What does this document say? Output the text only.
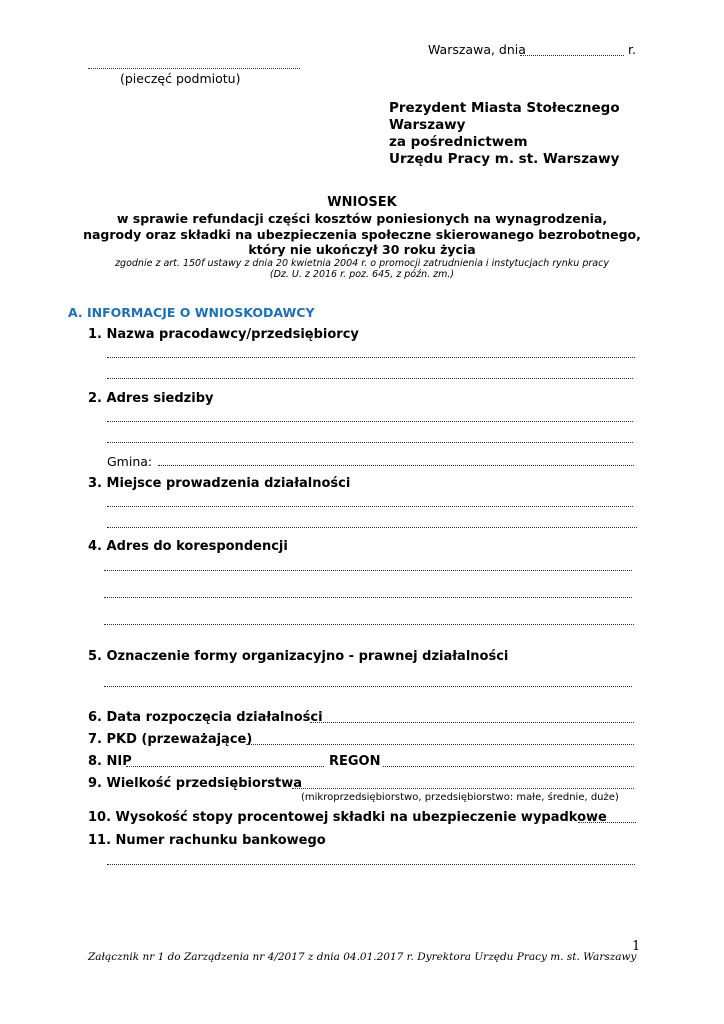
Warszawa, dnia	r.
(pieczęć podmiotu)
Prezydent Miasta Stołecznego
Warszawy
za pośrednictwem
Urzędu Pracy m. st. Warszawy
WNIOSEK
w sprawie refundacji części kosztów poniesionych na wynagrodzenia,
nagrody oraz składki na ubezpieczenia społeczne skierowanego bezrobotnego,
który nie ukończył 30 roku życia
zgodnie z art. 150f ustawy z dnia 20 kwietnia 2004 r. o promocji zatrudnienia i instytucjach rynku pracy
(Dz. U. z 2016 r. poz. 645, z późn. zm.)
A. INFORMACJE O WNIOSKODAWCY
1. Nazwa pracodawcy/przedsiębiorcy
2. Adres siedziby
Gmina:
3. Miejsce prowadzenia działalności
4. Adres do korespondencji
5. Oznaczenie formy organizacyjno - prawnej działalności
6. Data rozpoczęcia działalności
7. PKD (przeważające)
8. NIP	REGON
9. Wielkość przedsiębiorstwa
(mikroprzedsiębiorstwo, przedsiębiorstwo: małe, średnie, duże)
10. Wysokość stopy procentowej składki na ubezpieczenie wypadkowe
11. Numer rachunku bankowego
1
Załącznik nr 1 do Zarządzenia nr 4/2017 z dnia 04.01.2017 r. Dyrektora Urzędu Pracy m. st. Warszawy
